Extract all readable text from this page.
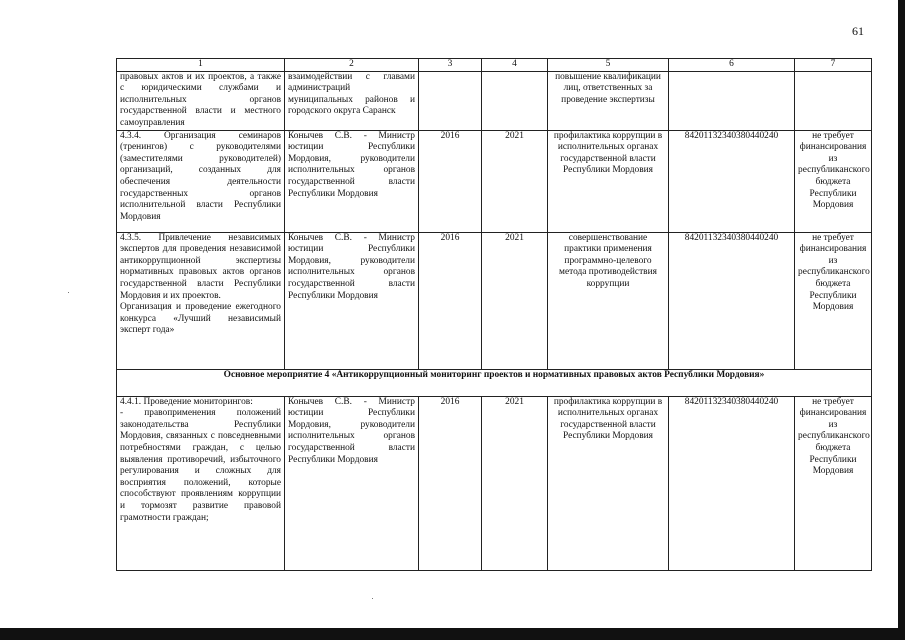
61
1	2	3	4	5	6	7
правовых актов и их проектов, а также с юридическими службами и исполнительных органов государственной власти и местного самоуправления	взаимодействии с главами администраций муниципальных районов и городского округа Саранск			повышение квалификации лиц, ответственных за проведение экспертизы		
4.3.4. Организация семинаров (тренингов) с руководителями (заместителями руководителей) организаций, созданных для обеспечения деятельности государственных органов исполнительной власти Республики Мордовия	Конычев С.В. - Министр юстиции Республики Мордовия, руководители исполнительных органов государственной власти Республики Мордовия	2016	2021	профилактика коррупции в исполнительных органах государственной власти Республики Мордовия	84201132340380440240	не требует финансирования из республиканского бюджета Республики Мордовия
4.3.5. Привлечение независимых экспертов для проведения независимой антикоррупционной экспертизы нормативных правовых актов органов государственной власти Республики Мордовия и их проектов.
Организация и проведение ежегодного конкурса «Лучший независимый эксперт года»	Конычев С.В. - Министр юстиции Республики Мордовия, руководители исполнительных органов государственной власти Республики Мордовия	2016	2021	совершенствование практики применения программно-целевого метода противодействия коррупции	84201132340380440240	не требует финансирования из республиканского бюджета Республики Мордовия
Основное мероприятие 4 «Антикоррупционный мониторинг проектов и нормативных правовых актов Республики Мордовия»						
4.4.1. Проведение мониторингов:
- правоприменения положений законодательства Республики Мордовия, связанных с повседневными потребностями граждан, с целью выявления противоречий, избыточного регулирования и сложных для восприятия положений, которые способствуют проявлениям коррупции и тормозят развитие правовой грамотности граждан;	Конычев С.В. - Министр юстиции Республики Мордовия, руководители исполнительных органов государственной власти Республики Мордовия	2016	2021	профилактика коррупции в исполнительных органах государственной власти Республики Мордовия	84201132340380440240	не требует финансирования из республиканского бюджета Республики Мордовия
